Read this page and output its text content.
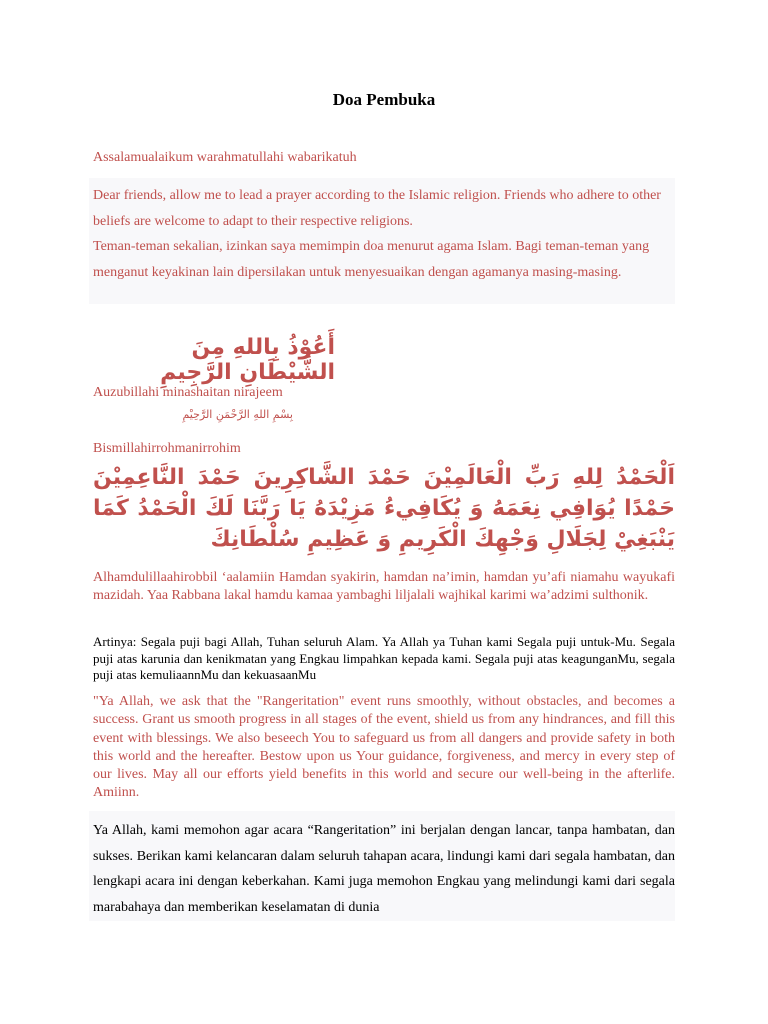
Doa Pembuka
Assalamualaikum warahmatullahi wabarikatuh

Dear friends, allow me to lead a prayer according to the Islamic religion. Friends who adhere to other beliefs are welcome to adapt to their respective religions.

Teman-teman sekalian, izinkan saya memimpin doa menurut agama Islam. Bagi teman-teman yang menganut keyakinan lain dipersilakan untuk menyesuaikan dengan agamanya masing-masing.

أَعُوْذُ بِاللهِ مِنَ الشَّيْطَانِ الرَّجِيمِ
Auzubillahi minashaitan nirajeem
بِسْمِ اللهِ الرَّحْمَنِ الرَّحِيْمِ
Bismillahirrohmanirrohim
اَلْحَمْدُ لِلهِ رَبِّ الْعَالَمِيْنَ حَمْدَ الشَّاكِرِينَ حَمْدَ النَّاعِمِيْنَ حَمْدًا يُوَافِي نِعَمَهُ وَ يُكَافِيءُ مَزِيْدَهُ يَا رَبَّنَا لَكَ الْحَمْدُ كَمَا يَنْبَغِيْ لِجَلَالِ وَجْهِكَ الْكَرِيمِ وَ عَظِيمِ سُلْطَانِكَ
Alhamdulillaahirobbil ‘aalamiin Hamdan syakirin, hamdan na’imin, hamdan yu’afi niamahu wayukafi mazidah. Yaa Rabbana lakal hamdu kamaa yambaghi liljalali wajhikal karimi wa’adzimi sulthonik.
Artinya: Segala puji bagi Allah, Tuhan seluruh Alam. Ya Allah ya Tuhan kami Segala puji untuk-Mu. Segala puji atas karunia dan kenikmatan yang Engkau limpahkan kepada kami. Segala puji atas keagunganMu, segala puji atas kemuliaannMu dan kekuasaanMu
"Ya Allah, we ask that the "Rangeritation" event runs smoothly, without obstacles, and becomes a success. Grant us smooth progress in all stages of the event, shield us from any hindrances, and fill this event with blessings. We also beseech You to safeguard us from all dangers and provide safety in both this world and the hereafter. Bestow upon us Your guidance, forgiveness, and mercy in every step of our lives. May all our efforts yield benefits in this world and secure our well-being in the afterlife. Amiinn.
Ya Allah, kami memohon agar acara “Rangeritation” ini berjalan dengan lancar, tanpa hambatan, dan sukses. Berikan kami kelancaran dalam seluruh tahapan acara, lindungi kami dari segala hambatan, dan lengkapi acara ini dengan keberkahan. Kami juga memohon Engkau yang melindungi kami dari segala marabahaya dan memberikan keselamatan di dunia
